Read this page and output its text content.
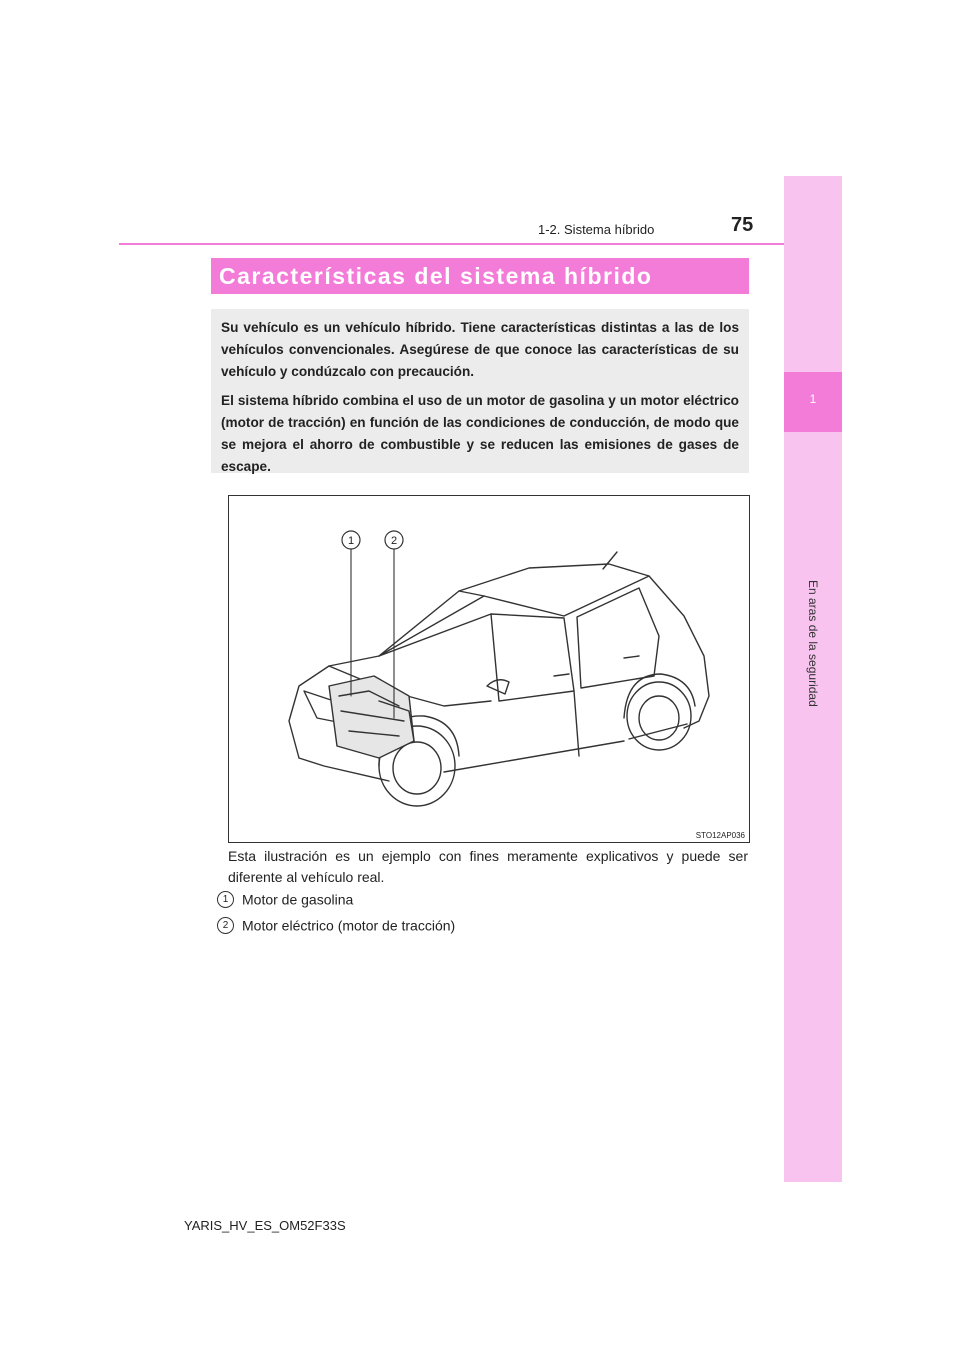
1
En aras de la seguridad
1-2. Sistema híbrido	75
Características del sistema híbrido

Su vehículo es un vehículo híbrido. Tiene características distintas a las de los vehículos convencionales. Asegúrese de que conoce las características de su vehículo y condúzcalo con precaución.

El sistema híbrido combina el uso de un motor de gasolina y un motor eléctrico (motor de tracción) en función de las condiciones de conducción, de modo que se mejora el ahorro de combustible y se reducen las emisiones de gases de escape.

1	2
STO12AP036
Esta ilustración es un ejemplo con fines meramente explicativos y puede ser diferente al vehículo real.
1 Motor de gasolina
2 Motor eléctrico (motor de tracción)
YARIS_HV_ES_OM52F33S
